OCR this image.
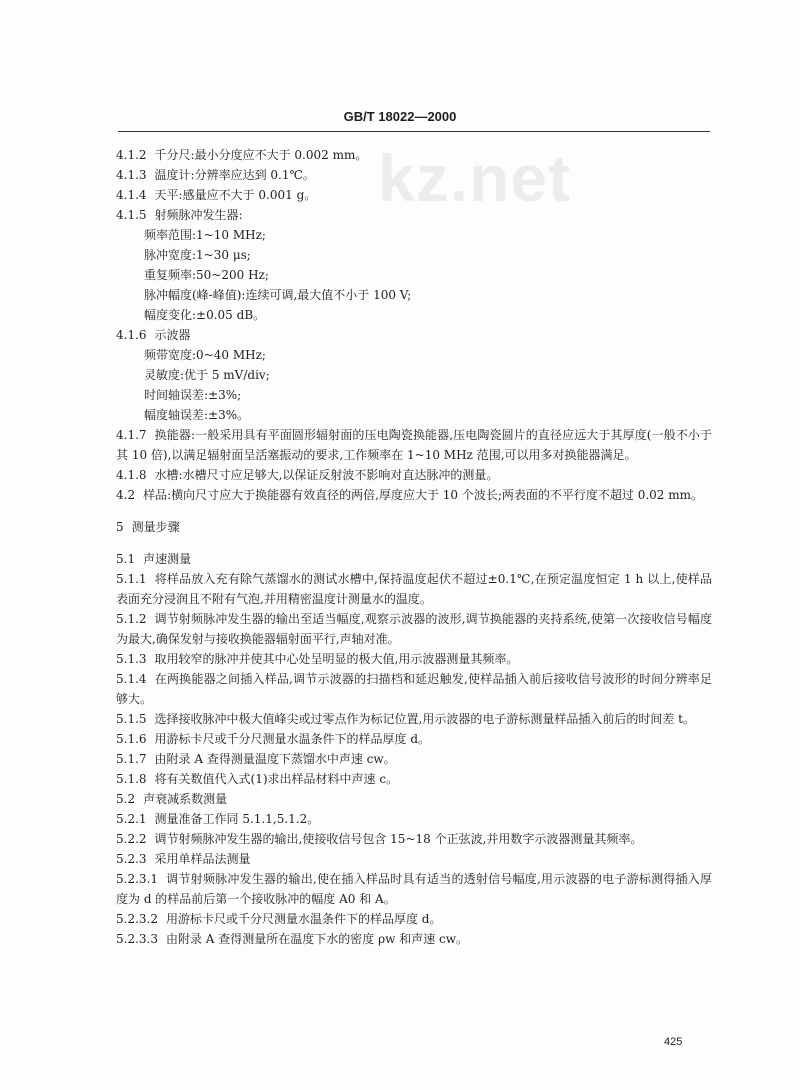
kz.net
GB/T 18022—2000

4.1.2 千分尺:最小分度应不大于 0.002 mm。

4.1.3 温度计:分辨率应达到 0.1℃。

4.1.4 天平:感量应不大于 0.001 g。

4.1.5 射频脉冲发生器:

频率范围:1~10 MHz;

脉冲宽度:1~30 μs;

重复频率:50~200 Hz;

脉冲幅度(峰-峰值):连续可调,最大值不小于 100 V;

幅度变化:±0.05 dB。

4.1.6 示波器

频带宽度:0~40 MHz;

灵敏度:优于 5 mV/div;

时间轴误差:±3%;

幅度轴误差:±3%。

4.1.7 换能器:一般采用具有平面圆形辐射面的压电陶瓷换能器,压电陶瓷圆片的直径应远大于其厚度(一般不小于其 10 倍),以满足辐射面呈活塞振动的要求,工作频率在 1~10 MHz 范围,可以用多对换能器满足。

4.1.8 水槽:水槽尺寸应足够大,以保证反射波不影响对直达脉冲的测量。

4.2 样品:横向尺寸应大于换能器有效直径的两倍,厚度应大于 10 个波长;两表面的不平行度不超过 0.02 mm。

5 测量步骤

5.1 声速测量

5.1.1 将样品放入充有除气蒸馏水的测试水槽中,保持温度起伏不超过±0.1℃,在预定温度恒定 1 h 以上,使样品表面充分浸润且不附有气泡,并用精密温度计测量水的温度。

5.1.2 调节射频脉冲发生器的输出至适当幅度,观察示波器的波形,调节换能器的夹持系统,使第一次接收信号幅度为最大,确保发射与接收换能器辐射面平行,声轴对准。

5.1.3 取用较窄的脉冲并使其中心处呈明显的极大值,用示波器测量其频率。

5.1.4 在两换能器之间插入样品,调节示波器的扫描档和延迟触发,使样品插入前后接收信号波形的时间分辨率足够大。

5.1.5 选择接收脉冲中极大值峰尖或过零点作为标记位置,用示波器的电子游标测量样品插入前后的时间差 t。

5.1.6 用游标卡尺或千分尺测量水温条件下的样品厚度 d。

5.1.7 由附录 A 查得测量温度下蒸馏水中声速 cw。

5.1.8 将有关数值代入式(1)求出样品材料中声速 c。

5.2 声衰减系数测量

5.2.1 测量准备工作同 5.1.1,5.1.2。

5.2.2 调节射频脉冲发生器的输出,使接收信号包含 15~18 个正弦波,并用数字示波器测量其频率。

5.2.3 采用单样品法测量

5.2.3.1 调节射频脉冲发生器的输出,使在插入样品时具有适当的透射信号幅度,用示波器的电子游标测得插入厚度为 d 的样品前后第一个接收脉冲的幅度 A0 和 A。

5.2.3.2 用游标卡尺或千分尺测量水温条件下的样品厚度 d。

5.2.3.3 由附录 A 查得测量所在温度下水的密度 ρw 和声速 cw。

425
